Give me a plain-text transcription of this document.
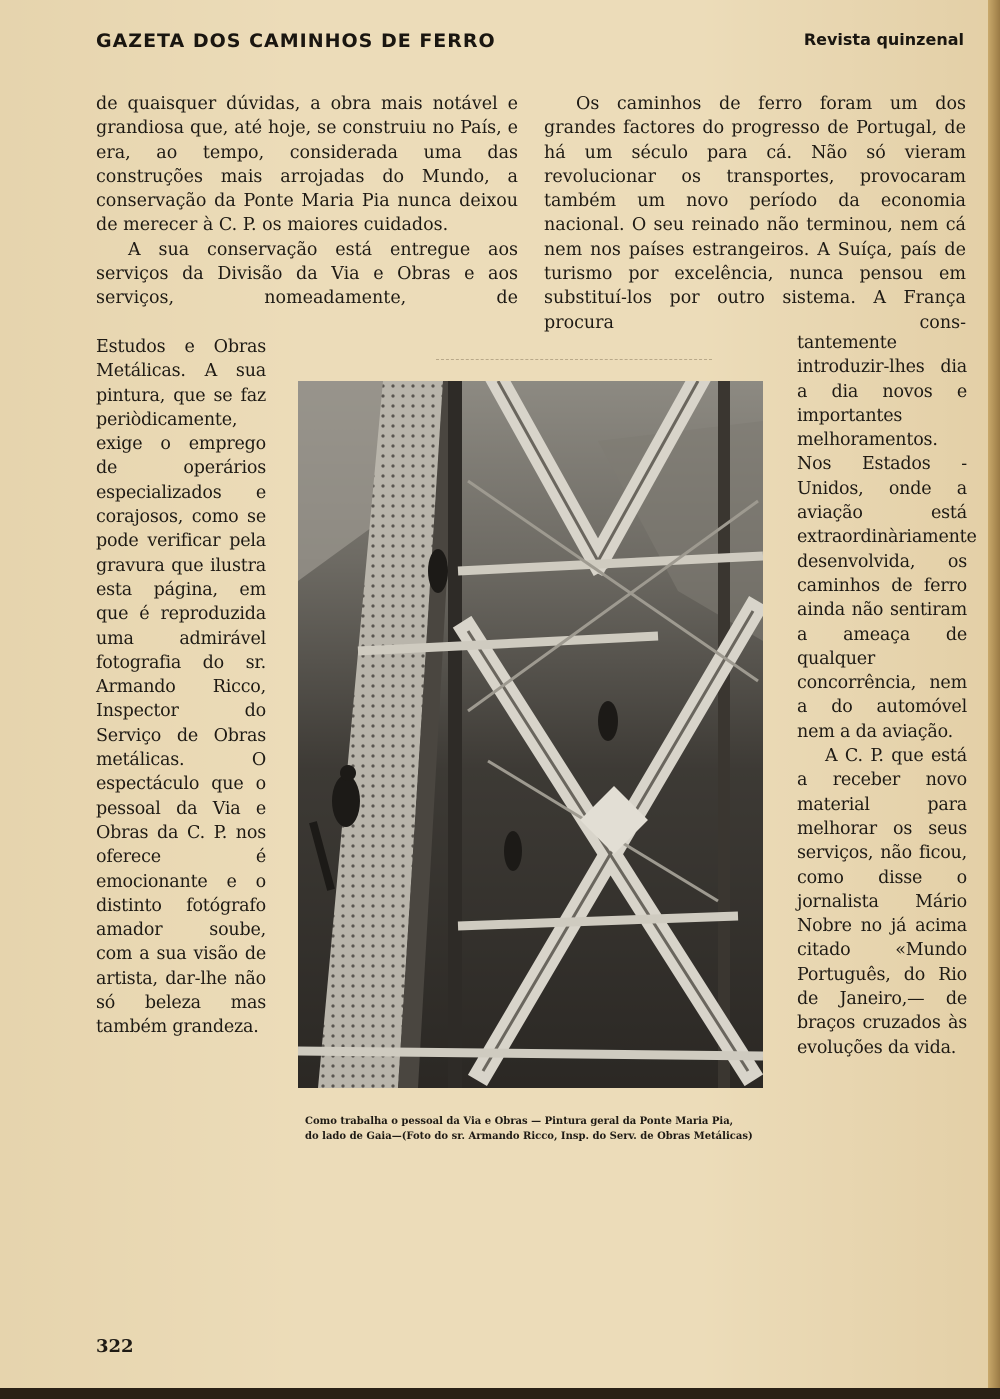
GAZETA DOS CAMINHOS DE FERRO	Revista quinzenal

de quaisquer dúvidas, a obra mais notável e grandiosa que, até hoje, se construiu no País, e era, ao tempo, considerada uma das construções mais arrojadas do Mundo, a conservação da Ponte Maria Pia nunca deixou de merecer à C. P. os maiores cuidados.

A sua conservação está entregue aos serviços da Divisão da Via e Obras e aos serviços, nomeadamente, de

Estudos e Obras Metálicas. A sua pintura, que se faz periòdicamente, exige o emprego de operários especializados e corajosos, como se pode verificar pela gravura que ilustra esta página, em que é reproduzida uma admirável fotografia do sr. Armando Ricco, Inspector do Serviço de Obras metálicas. O espectáculo que o pessoal da Via e Obras da C. P. nos oferece é emocionante e o distinto fotógrafo amador soube, com a sua visão de artista, dar-lhe não só beleza mas também grandeza.

Os caminhos de ferro foram um dos grandes factores do progresso de Portugal, de há um século para cá. Não só vieram revolucionar os transportes, provocaram também um novo período da economia nacional. O seu reinado não terminou, nem cá nem nos países estrangeiros. A Suíça, país de turismo por excelência, nunca pensou em substituí-los por outro sistema. A França procura cons-

tantemente introduzir-lhes dia a dia novos e importantes melhoramentos. Nos Estados - Unidos, onde a aviação está extraordinàriamente desenvolvida, os caminhos de ferro ainda não sentiram a ameaça de qualquer concorrência, nem a do automóvel nem a da aviação.

A C. P. que está a receber novo material para melhorar os seus serviços, não ficou, como disse o jornalista Mário Nobre no já acima citado «Mundo Português, do Rio de Janeiro,— de braços cruzados às evoluções da vida.

Como trabalha o pessoal da Via e Obras — Pintura geral da Ponte Maria Pia,

do lado de Gaia—(Foto do sr. Armando Ricco, Insp. do Serv. de Obras Metálicas)

322
